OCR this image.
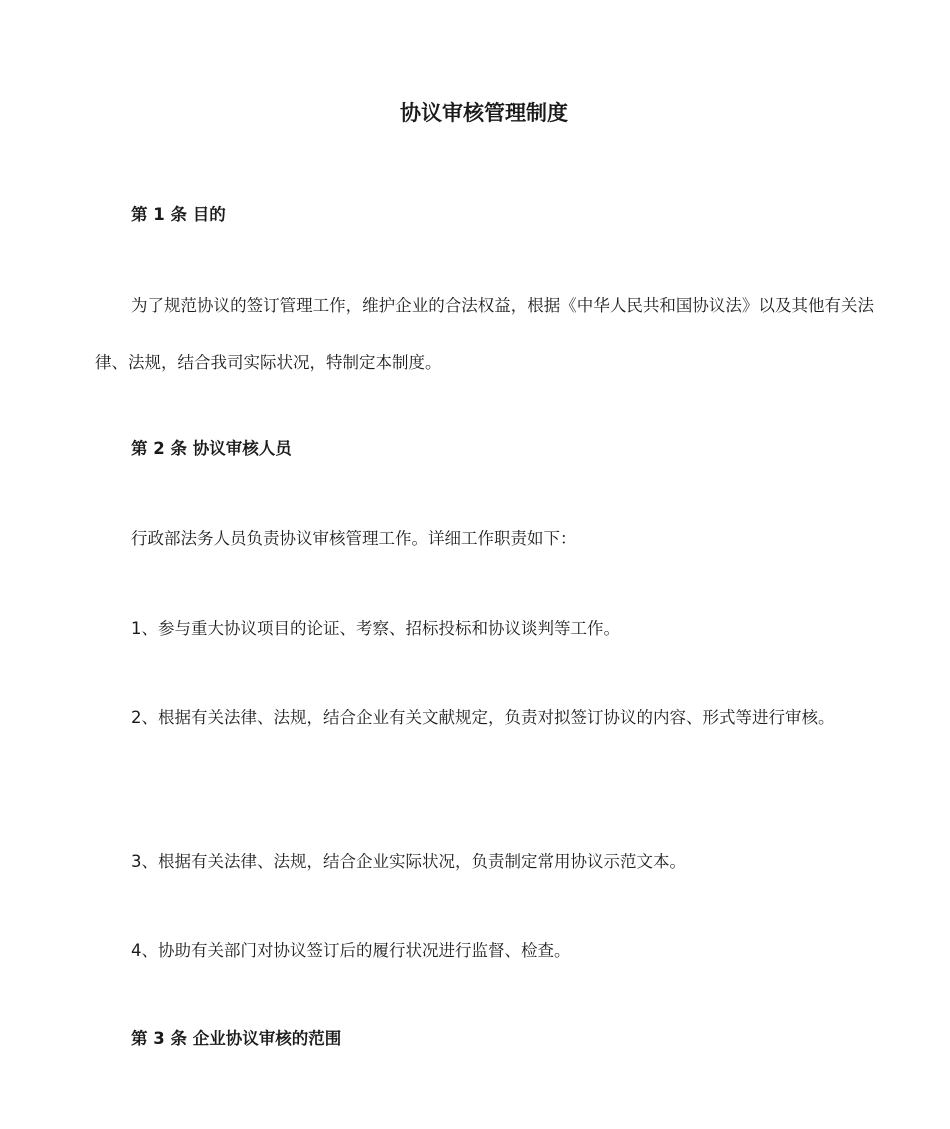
协议审核管理制度
第 1 条 目的

为了规范协议的签订管理工作，维护企业的合法权益，根据《中华人民共和国协议法》以及其他有关法律、法规，结合我司实际状况，特制定本制度。

第 2 条 协议审核人员

行政部法务人员负责协议审核管理工作。详细工作职责如下：

1、参与重大协议项目的论证、考察、招标投标和协议谈判等工作。

2、根据有关法律、法规，结合企业有关文献规定，负责对拟签订协议的内容、形式等进行审核。

3、根据有关法律、法规，结合企业实际状况，负责制定常用协议示范文本。

4、协助有关部门对协议签订后的履行状况进行监督、检查。

第 3 条 企业协议审核的范围
